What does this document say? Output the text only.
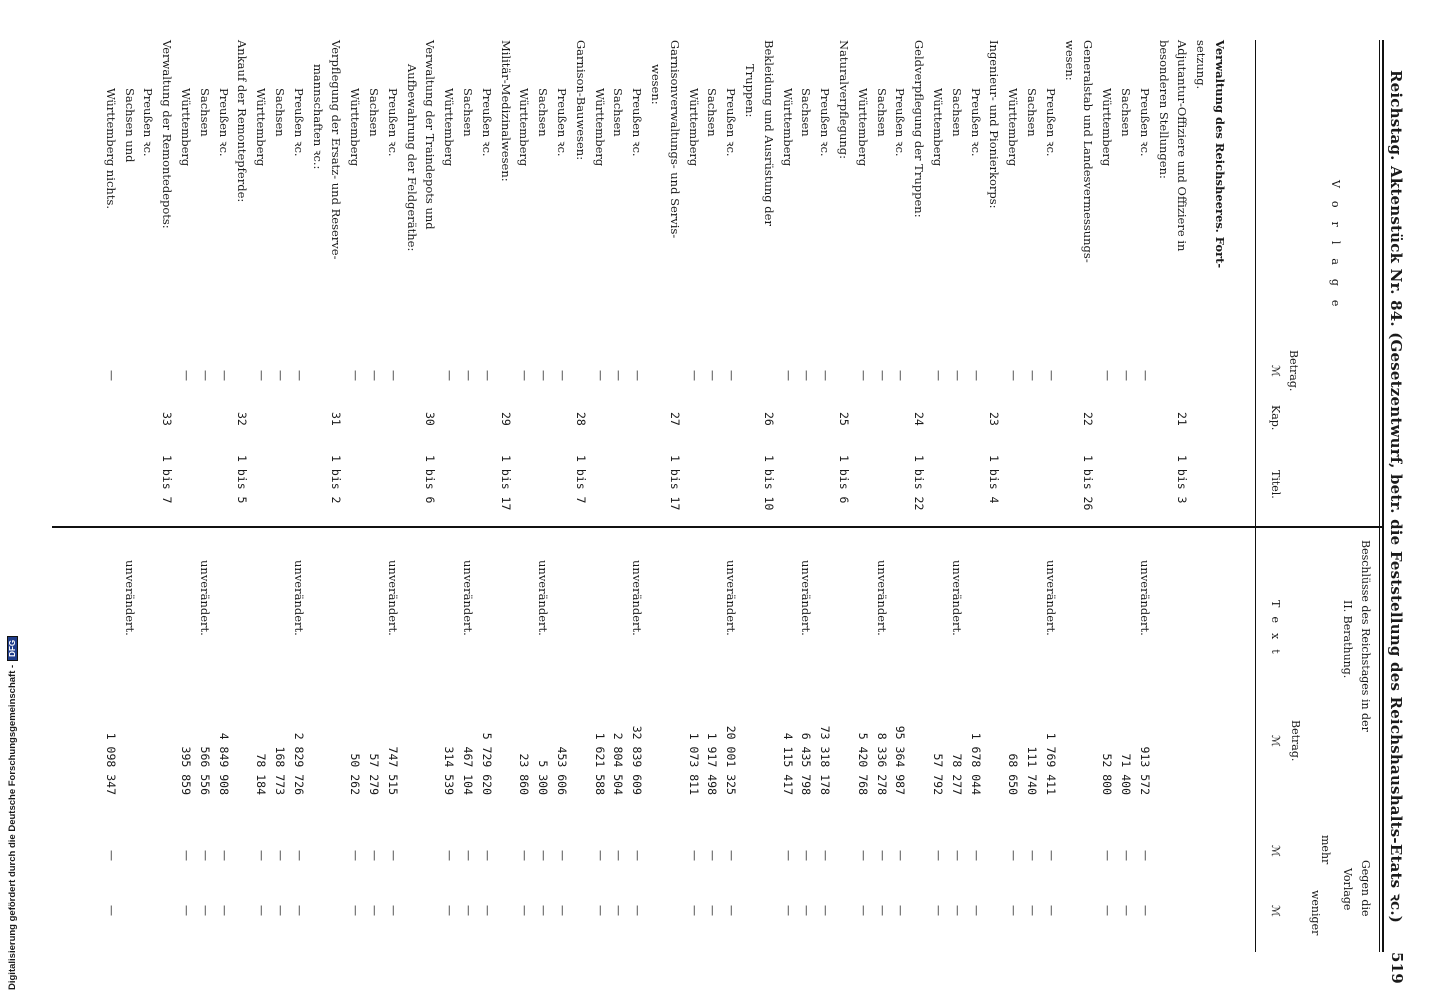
Reichstag. Aktenstück Nr. 84. (Gesetzentwurf, betr. die Feststellung des Reichshaushalts-Etats ꝛc.)
519
Vorlage
Betrag.
ℳ
Kap.
Titel.
Beschlüsse des Reichstages in der
II. Berathung.
Text
Betrag.
ℳ
Gegen die
Vorlage
mehr
weniger
ℳ
ℳ
Verwaltung des Reichsheeres. Fort-
setzung.
Adjutantur-Offiziere und Offiziere in
21
1 bis 3
unverändert.
besonderen Stellungen:
Preußen ꝛc.
913 572
—
—
—
Sachsen
71 400
—
—
—
Württemberg
52 800
—
—
—
Generalstab und Landesvermessungs-
22
1 bis 26
unverändert.
wesen:
Preußen ꝛc.
1 769 411
—
—
—
Sachsen
111 740
—
—
—
Württemberg
68 650
—
—
—
Ingenieur- und Pionierkorps:
23
1 bis 4
unverändert.
Preußen ꝛc.
1 678 044
—
—
—
Sachsen
78 277
—
—
—
Württemberg
57 792
—
—
—
Geldverpflegung der Truppen:
24
1 bis 22
unverändert.
Preußen ꝛc.
95 364 987
—
—
—
Sachsen
8 336 278
—
—
—
Württemberg
5 420 768
—
—
—
Naturalverpflegung:
25
1 bis 6
unverändert.
Preußen ꝛc.
73 318 178
—
—
—
Sachsen
6 435 798
—
—
—
Württemberg
4 115 417
—
—
—
Bekleidung und Ausrüstung der
26
1 bis 10
unverändert.
Truppen:
Preußen ꝛc.
20 001 325
—
—
—
Sachsen
1 917 498
—
—
—
Württemberg
1 073 811
—
—
—
Garnisonverwaltungs- und Servis-
27
1 bis 17
unverändert.
wesen:
Preußen ꝛc.
32 839 609
—
—
—
Sachsen
2 804 504
—
—
—
Württemberg
1 621 588
—
—
—
Garnison-Bauwesen:
28
1 bis 7
unverändert.
Preußen ꝛc.
453 606
—
—
—
Sachsen
5 300
—
—
—
Württemberg
23 860
—
—
—
Militär-Medizinalwesen:
29
1 bis 17
unverändert.
Preußen ꝛc.
5 729 620
—
—
—
Sachsen
467 104
—
—
—
Württemberg
314 539
—
—
—
Verwaltung der Traindepots und
30
1 bis 6
unverändert.
Aufbewahrung der Feldgeräthe:
Preußen ꝛc.
747 515
—
—
—
Sachsen
57 279
—
—
—
Württemberg
50 262
—
—
—
Verpflegung der Ersatz- und Reserve-
31
1 bis 2
unverändert.
mannschaften ꝛc.:
Preußen ꝛc.
2 829 726
—
—
—
Sachsen
168 773
—
—
—
Württemberg
78 184
—
—
—
Ankauf der Remontepferde:
32
1 bis 5
unverändert.
Preußen ꝛc.
4 849 908
—
—
—
Sachsen
566 556
—
—
—
Württemberg
395 859
—
—
—
Verwaltung der Remontedepots:
33
1 bis 7
unverändert.
Preußen ꝛc.
Sachsen und
Württemberg nichts.
1 098 347
—
—
—
Digitalisierung gefördert durch die Deutsche Forschungsgemeinschaft -
DFG
